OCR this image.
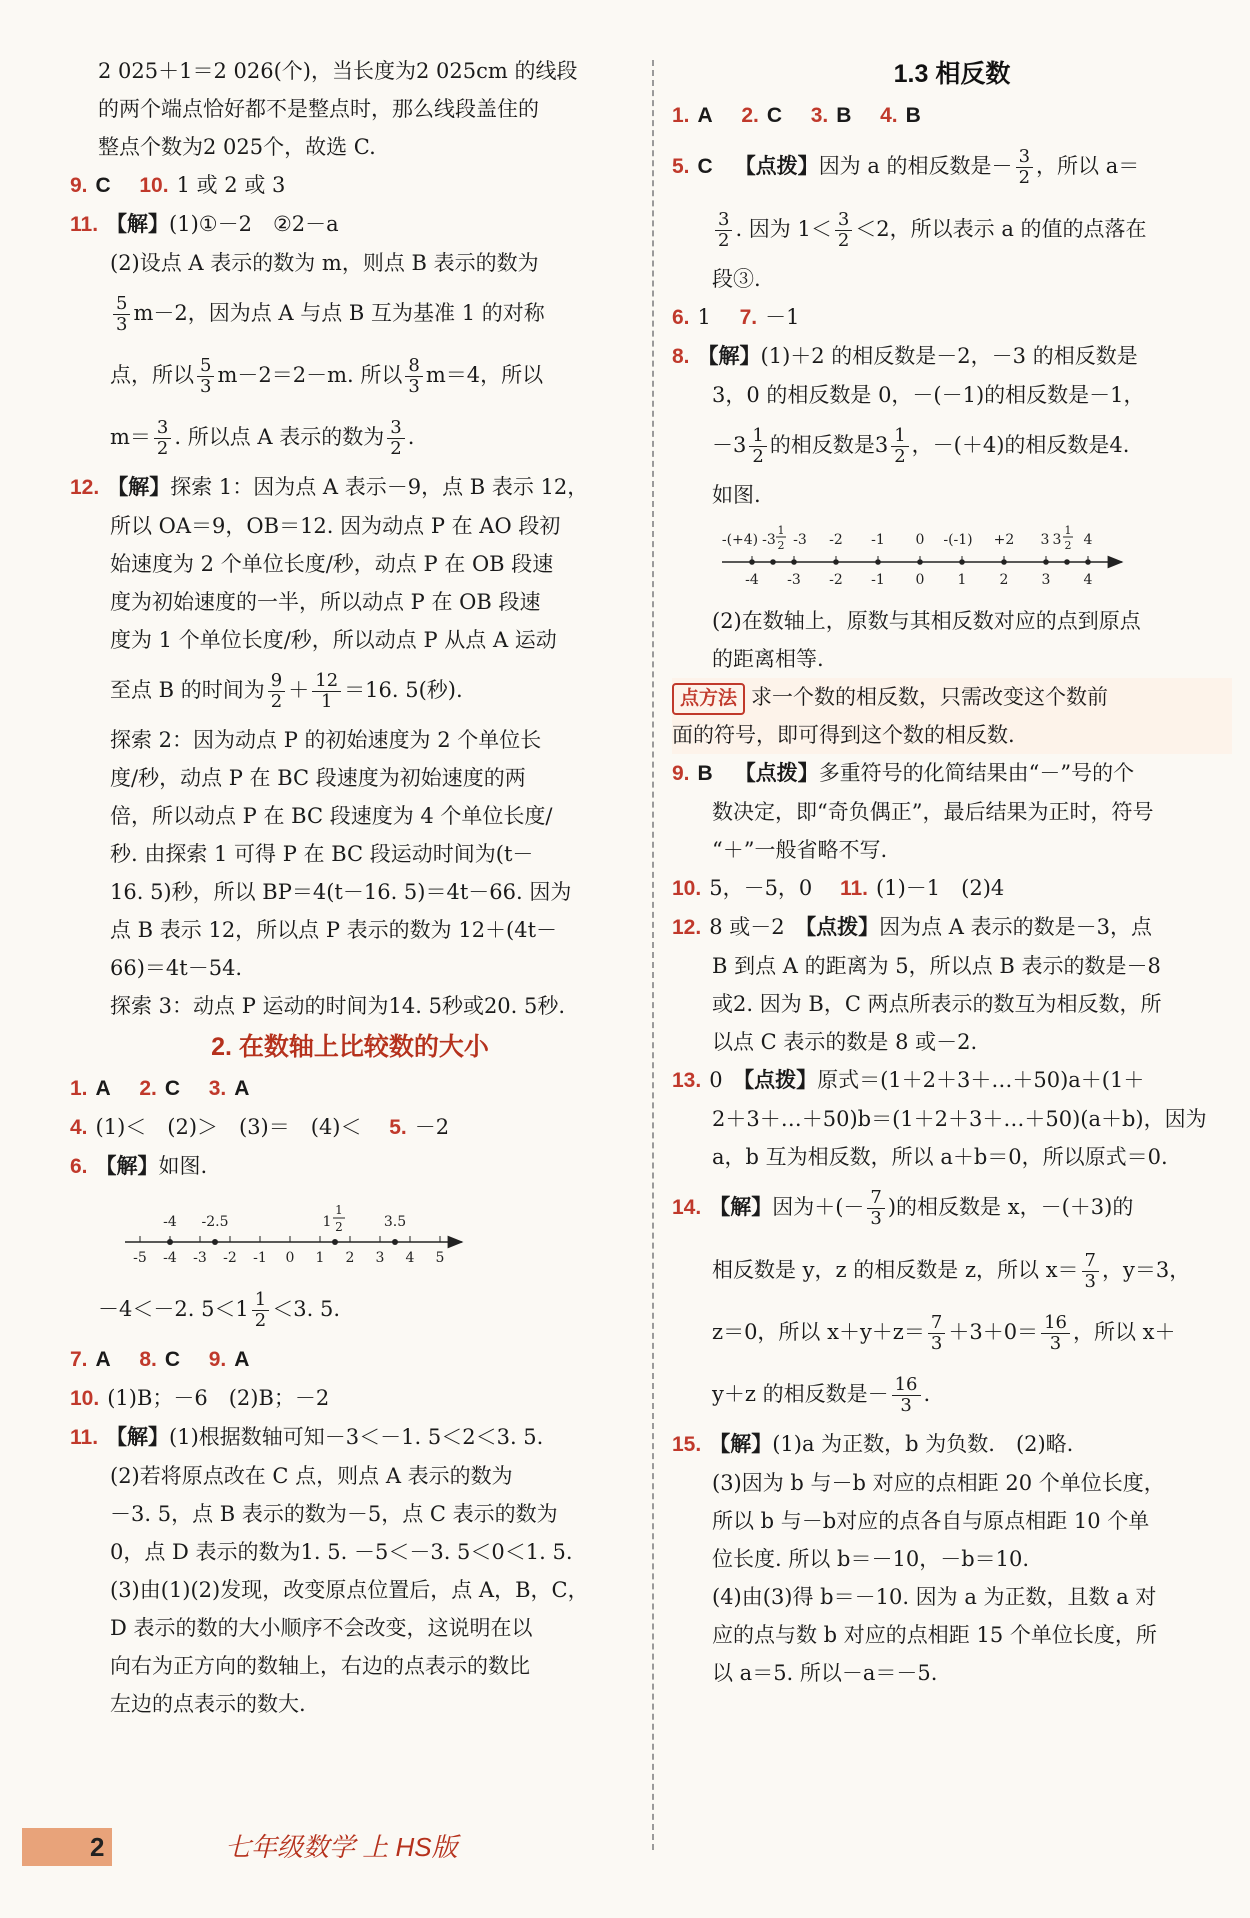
2 025＋1＝2 026(个)，当长度为2 025cm 的线段
的两个端点恰好都不是整点时，那么线段盖住的
整点个数为2 025个，故选 C.
9. C 10. 1 或 2 或 3
11. 【解】(1)①－2　②2－a
(2)设点 A 表示的数为 m，则点 B 表示的数为
$\frac{5}{3} m-2$，因为点 A 与点 B 互为基准 1 的对称
点，所以 $\frac{5}{3} m-2=2-m$. 所以 $\frac{8}{3} m=4$，所以
$m= \frac{3}{2}$ . 所以点 A 表示的数为 $\frac{3}{2}$ .
12. 【解】探索 1：因为点 A 表示－9，点 B 表示 12，
所以 OA＝9，OB＝12. 因为动点 P 在 AO 段初
始速度为 2 个单位长度/秒，动点 P 在 OB 段速
度为初始速度的一半，所以动点 P 在 OB 段速
度为 1 个单位长度/秒，所以动点 P 从点 A 运动
至点 B 的时间为 $\frac{9}{2} + \frac{12}{1} =16$. 5(秒).
探索 2：因为动点 P 的初始速度为 2 个单位长
度/秒，动点 P 在 BC 段速度为初始速度的两
倍，所以动点 P 在 BC 段速度为 4 个单位长度/
秒. 由探索 1 可得 P 在 BC 段运动时间为(t－
16. 5)秒，所以 BP＝4(t－16. 5)＝4t－66. 因为
点 B 表示 12，所以点 P 表示的数为 12＋(4t－
66)＝4t－54.
探索 3：动点 P 运动的时间为14. 5秒或20. 5秒.
2. 在数轴上比较数的大小
1. A 2. C 3. A
4. (1)＜　(2)＞　(3)＝　(4)＜　 5. －2
6. 【解】如图.
-5 -4 -3 -2 -1 0 1 2 3 4 5
-4 -2.5	1
1
2	3.5
－4＜－2. $5<1 \frac{1}{2} <3$. 5.
7. A 8. C 9. A
10. (1)B；－6　(2)B；－2
11. 【解】(1)根据数轴可知－3＜－1. 5＜2＜3. 5.
(2)若将原点改在 C 点，则点 A 表示的数为
－3. 5，点 B 表示的数为－5，点 C 表示的数为
0，点 D 表示的数为1. 5. －5＜－3. 5＜0＜1. 5.
(3)由(1)(2)发现，改变原点位置后，点 A，B，C，
D 表示的数的大小顺序不会改变，这说明在以
向右为正方向的数轴上，右边的点表示的数比
左边的点表示的数大.
1.3 相反数
1. A 2. C 3. B 4. B
5. C 【点拨】因为 a 的相反数是－ $\frac{3}{2}$ ，所以 a＝
$\frac{3}{2}$ . 因为 $1< \frac{3}{2} <2$，所以表示 a 的值的点落在
段③.
6. 1 7. －1
8. 【解】(1)＋2 的相反数是－2，－3 的相反数是
3，0 的相反数是 0，－(－1)的相反数是－1，
$-3 \frac{1}{2}$ 的相反数是$3 \frac{1}{2}$ ，－(＋4)的相反数是4.
如图.
-(+4) -3
1
2 -3 -2 -1 0 -(-1) +2 3 3
1
2 4
-4 -3 -2 -1 0 1 2 3 4
(2)在数轴上，原数与其相反数对应的点到原点
的距离相等.
点方法 求一个数的相反数，只需改变这个数前
面的符号，即可得到这个数的相反数.
9. B 【点拨】多重符号的化简结果由“－”号的个
数决定，即“奇负偶正”，最后结果为正时，符号
“＋”一般省略不写.
10. 5，－5，0　 11. (1)－1　(2)4
12. 8 或－2　 【点拨】因为点 A 表示的数是－3，点
B 到点 A 的距离为 5，所以点 B 表示的数是－8
或2. 因为 B，C 两点所表示的数互为相反数，所
以点 C 表示的数是 8 或－2.
13. 0　 【点拨】原式＝(1＋2＋3＋…＋50)a＋(1＋
2＋3＋…＋50)b＝(1＋2＋3＋…＋50)(a＋b)，因为
a，b 互为相反数，所以 a＋b＝0，所以原式＝0.
14. 【解】因为＋(－ $\frac{7}{3}$ )的相反数是 x，－(＋3)的
相反数是 y，z 的相反数是 z，所以 $x= \frac{7}{3}$ ，y＝3，
z＝0，所以 $x+y+z= \frac{7}{3} +3+0= \frac{16}{3}$ ，所以 x＋
y＋z 的相反数是－ $\frac{16}{3}$ .
15. 【解】(1)a 为正数，b 为负数.　(2)略.
(3)因为 b 与－b 对应的点相距 20 个单位长度，
所以 b 与－b对应的点各自与原点相距 10 个单
位长度. 所以 b＝－10，－b＝10.
(4)由(3)得 b＝－10. 因为 a 为正数，且数 a 对
应的点与数 b 对应的点相距 15 个单位长度，所
以 a＝5. 所以－a＝－5.
2	七年级数学 上 HS版
